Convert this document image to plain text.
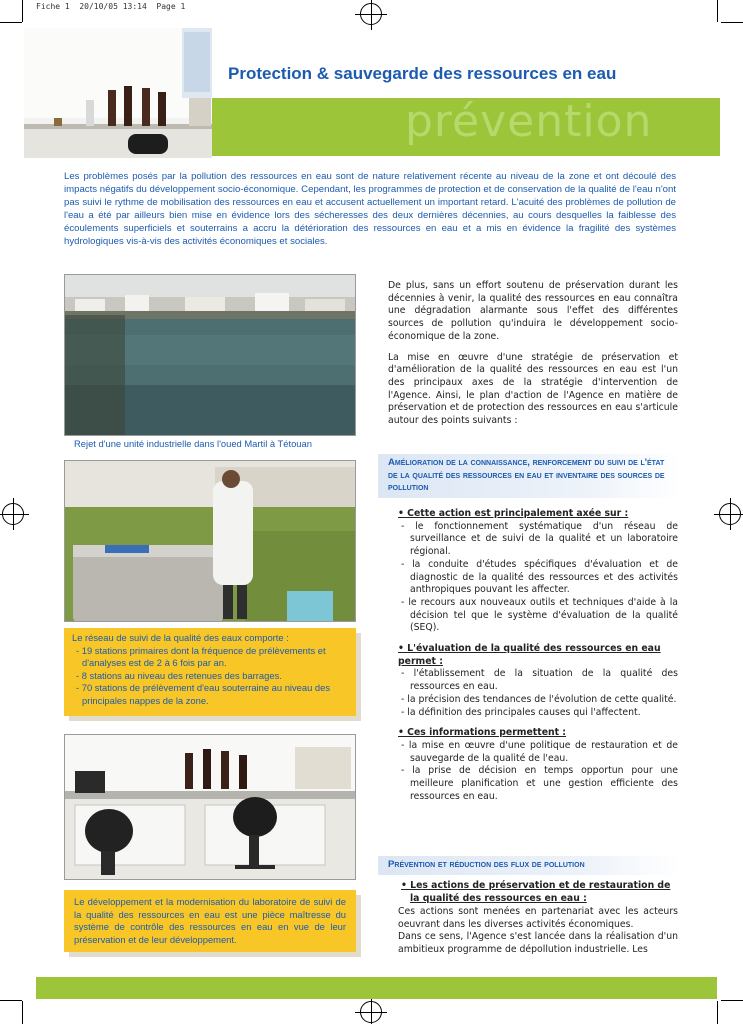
Fiche 1  20/10/05 13:14  Page 1
Protection & sauvegarde des ressources en eau
prévention
Les problèmes posés par la pollution des ressources en eau sont de nature relativement récente au niveau de la zone et ont découlé des impacts négatifs du développement socio-économique. Cependant, les programmes de protection et de conservation de la qualité de l'eau n'ont pas suivi le rythme de mobilisation des ressources en eau et accusent actuellement un important retard. L'acuité des problèmes de pollution de l'eau a été par ailleurs bien mise en évidence lors des sécheresses des deux dernières décennies, au cours desquelles la faiblesse des écoulements superficiels et souterrains a accru la détérioration des ressources en eau et a mis en évidence la fragilité des systèmes hydrologiques vis-à-vis des activités économiques et sociales.
Rejet d'une unité industrielle dans l'oued Martil à Tétouan
Le réseau de suivi de la qualité des eaux comporte :
- 19 stations primaires dont la fréquence de prélèvements et d'analyses est de 2 à 6 fois par an.
- 8 stations au niveau des retenues des barrages.
- 70 stations de prélèvement d'eau souterraine au niveau des principales nappes de la zone.
Le développement et la modernisation du laboratoire de suivi de la qualité des ressources en eau est une pièce maîtresse du système de contrôle des ressources en eau en vue de leur préservation et de leur développement.

De plus, sans un effort soutenu de préservation durant les décennies à venir, la qualité des ressources en eau connaîtra une dégradation alarmante sous l'effet des différentes sources de pollution qu'induira le développement socio-économique de la zone.

La mise en œuvre d'une stratégie de préservation et d'amélioration de la qualité des ressources en eau est l'un des principaux axes de la stratégie d'intervention de l'Agence. Ainsi, le plan d'action de l'Agence en matière de préservation et de protection des ressources en eau s'articule autour des points suivants :

Amélioration de la connaissance, renforcement du suivi de l'état de la qualité des ressources en eau et inventaire des sources de pollution
• Cette action est principalement axée sur :
- le fonctionnement systématique d'un réseau de surveillance et de suivi de la qualité et un laboratoire régional.
- la conduite d'études spécifiques d'évaluation et de diagnostic de la qualité des ressources et des activités anthropiques pouvant les affecter.
- le recours aux nouveaux outils et techniques d'aide à la décision tel que le système d'évaluation de la qualité (SEQ).
• L'évaluation de la qualité des ressources en eau permet :
- l'établissement de la situation de la qualité des ressources en eau.
- la précision des tendances de l'évolution de cette qualité.
- la définition des principales causes qui l'affectent.
• Ces informations permettent :
- la mise en œuvre d'une politique de restauration et de sauvegarde de la qualité de l'eau.
- la prise de décision en temps opportun pour une meilleure planification et une gestion efficiente des ressources en eau.
Prévention et réduction des flux de pollution
• Les actions de préservation et de restauration de la qualité des ressources en eau :

Ces actions sont menées en partenariat avec les acteurs oeuvrant dans les diverses activités économiques.

Dans ce sens, l'Agence s'est lancée dans la réalisation d'un ambitieux programme de dépollution industrielle. Les
